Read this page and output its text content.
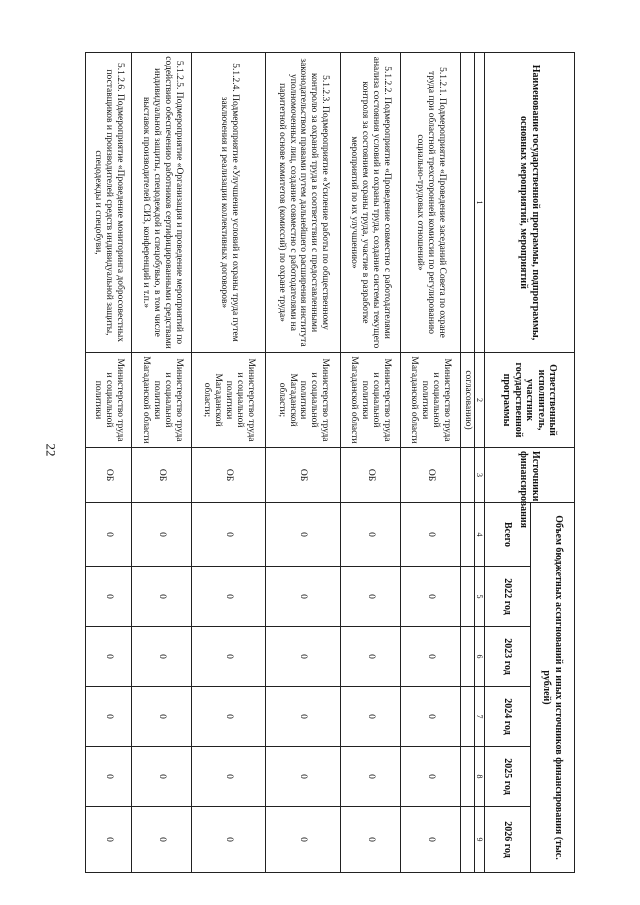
22
Наименование государственной программы, подпрограммы, основных мероприятий, мероприятий	Ответственный исполнитель, участник государственной программы	Источники финансирования	Объем бюджетных ассигнований и иных источников финансирования (тыс. рублей)					
			Всего	2022 год	2023 год	2024 год	2025 год	2026 год
1	2	3	4	5	6	7	8	9
	согласованию)							
5.1.2.1. Подмероприятие «Проведение заседаний Совета по охране труда при областной трехсторонней комиссии по регулированию социально-трудовых отношений»	Министерство труда и социальной политики Магаданской области	ОБ	0	0	0	0	0	0
5.1.2.2. Подмероприятие «Проведение совместно с работодателями анализа состояния условий и охраны труда, создание системы текущего контроля за состоянием охраны труда, участие в разработке мероприятий по их улучшению»	Министерство труда и социальной политики Магаданской области	ОБ	0	0	0	0	0	0
5.1.2.3. Подмероприятие «Усиление работы по общественному контролю за охраной труда в соответствии с предоставленными законодательством правами путем дальнейшего расширения института уполномоченных лиц, создание совместно с работодателями на паритетной основе комитетов (комиссий) по охране труда»	Министерство труда и социальной политики Магаданской области;	ОБ	0	0	0	0	0	0
5.1.2.4. Подмероприятие «Улучшение условий и охраны труда путем заключения и реализации коллективных договоров»	Министерство труда и социальной политики Магаданской области;	ОБ	0	0	0	0	0	0
5.1.2.5. Подмероприятие «Организация и проведение мероприятий по содействию обеспечению работников сертифицированными средствами индивидуальной защиты, спецодеждой и спецобувью, в том числе выставок производителей СИЗ, конференций и т.п.»	Министерство труда и социальной политики Магаданской области	ОБ	0	0	0	0	0	0
5.1.2.6. Подмероприятие «Проведение мониторинга добросовестных поставщиков и производителей средств индивидуальной защиты, спецодежды и спецобуви,	Министерство труда и социальной политики	ОБ	0	0	0	0	0	0
